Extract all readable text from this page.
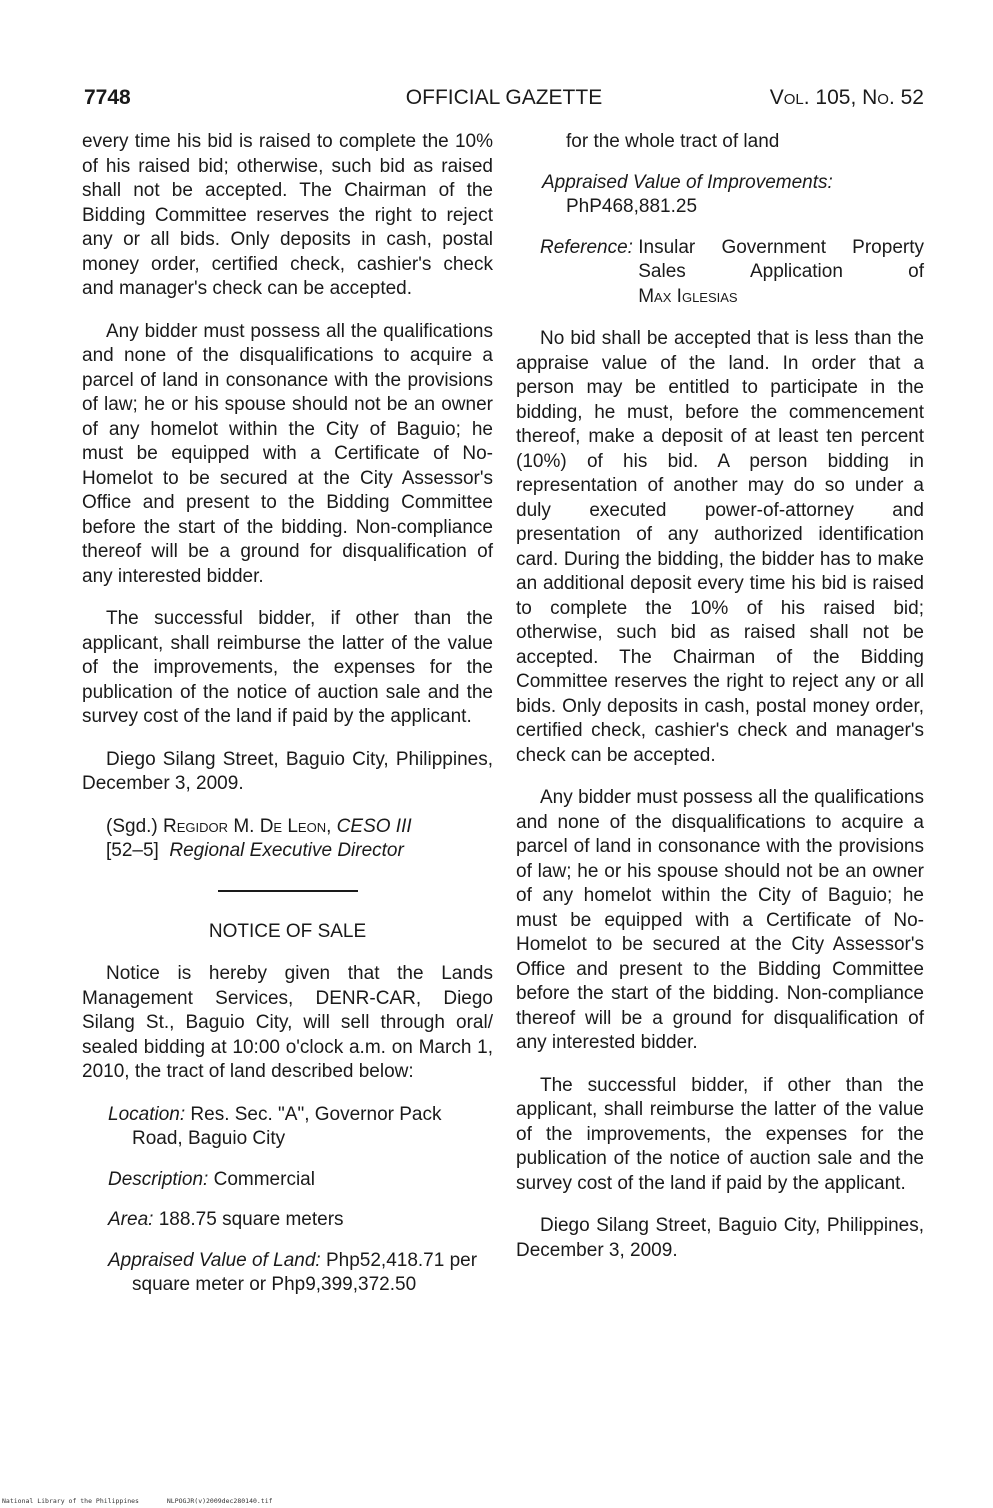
OFFICIAL GAZETTE
7748	Vol. 105, No. 52

every time his bid is raised to complete the 10% of his raised bid; otherwise, such bid as raised shall not be accepted. The Chairman of the Bidding Committee reserves the right to reject any or all bids. Only deposits in cash, postal money order, certified check, cashier's check and manager's check can be accepted.

Any bidder must possess all the qualifications and none of the disqualifications to acquire a parcel of land in consonance with the provisions of law; he or his spouse should not be an owner of any homelot within the City of Baguio; he must be equipped with a Certificate of No-Homelot to be secured at the City Assessor's Office and present to the Bidding Committee before the start of the bidding. Non-compliance thereof will be a ground for disqualification of any interested bidder.

The successful bidder, if other than the applicant, shall reimburse the latter of the value of the improvements, the expenses for the publication of the notice of auction sale and the survey cost of the land if paid by the applicant.

Diego Silang Street, Baguio City, Philippines, December 3, 2009.

(Sgd.) Regidor M. De Leon, CESO III
[52–5] Regional Executive Director
NOTICE OF SALE

Notice is hereby given that the Lands Management Services, DENR-CAR, Diego Silang St., Baguio City, will sell through oral/ sealed bidding at 10:00 o'clock a.m. on March 1, 2010, the tract of land described below:

Location: Res. Sec. "A", Governor Pack Road, Baguio City
Description: Commercial
Area: 188.75 square meters
Appraised Value of Land: Php52,418.71 per square meter or Php9,399,372.50
for the whole tract of land
Appraised Value of Improvements:
PhP468,881.25
Reference:
Insular Government Property Sales Application of
Max Iglesias

No bid shall be accepted that is less than the appraise value of the land. In order that a person may be entitled to participate in the bidding, he must, before the commencement thereof, make a deposit of at least ten percent (10%) of his bid. A person bidding in representation of another may do so under a duly executed power-of-attorney and presentation of any authorized identification card. During the bidding, the bidder has to make an additional deposit every time his bid is raised to complete the 10% of his raised bid; otherwise, such bid as raised shall not be accepted. The Chairman of the Bidding Committee reserves the right to reject any or all bids. Only deposits in cash, postal money order, certified check, cashier's check and manager's check can be accepted.

Any bidder must possess all the qualifications and none of the disqualifications to acquire a parcel of land in consonance with the provisions of law; he or his spouse should not be an owner of any homelot within the City of Baguio; he must be equipped with a Certificate of No-Homelot to be secured at the City Assessor's Office and present to the Bidding Committee before the start of the bidding. Non-compliance thereof will be a ground for disqualification of any interested bidder.

The successful bidder, if other than the applicant, shall reimburse the latter of the value of the improvements, the expenses for the publication of the notice of auction sale and the survey cost of the land if paid by the applicant.

Diego Silang Street, Baguio City, Philippines, December 3, 2009.

National Library of the Philippines	NLPOGJR(v)2009dec280140.tif
